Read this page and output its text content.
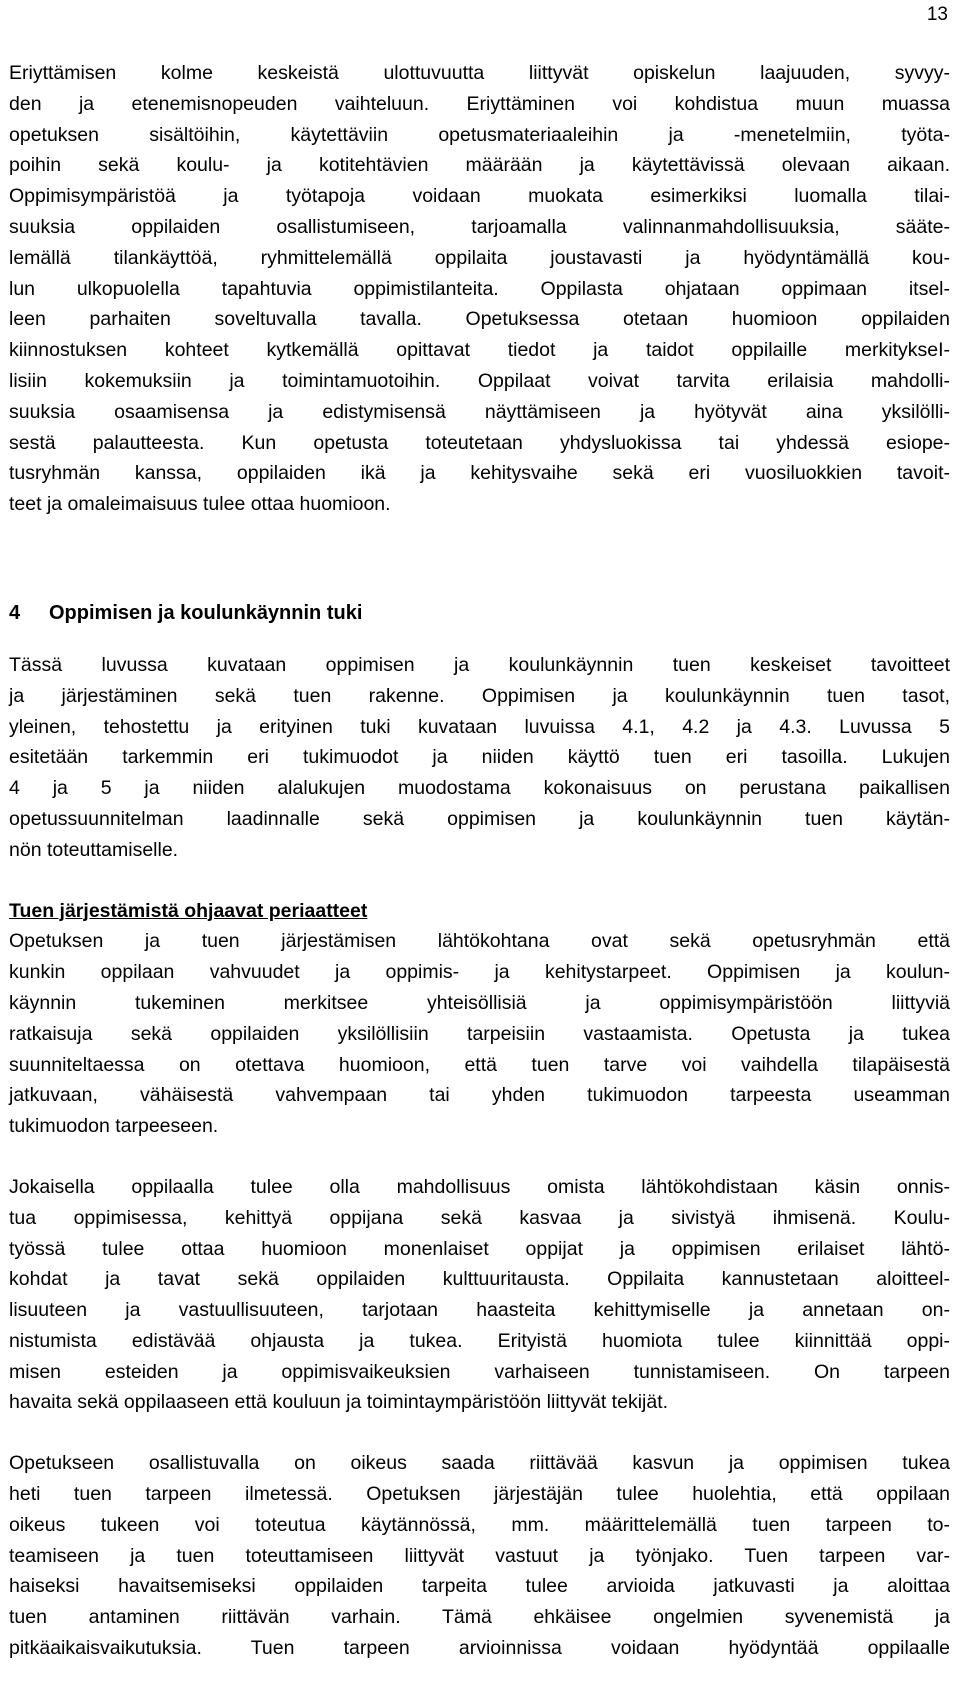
13
Eriyttämisen kolme keskeistä ulottuvuutta liittyvät opiskelun laajuuden, syvyy-
den ja etenemisnopeuden vaihteluun. Eriyttäminen voi kohdistua muun muassa
opetuksen sisältöihin, käytettäviin opetusmateriaaleihin ja -menetelmiin, työta-
poihin sekä koulu- ja kotitehtävien määrään ja käytettävissä olevaan aikaan.
Oppimisympäristöä ja työtapoja voidaan muokata esimerkiksi luomalla tilai-
suuksia oppilaiden osallistumiseen, tarjoamalla valinnanmahdollisuuksia, sääte-
lemällä tilankäyttöä, ryhmittelemällä oppilaita joustavasti ja hyödyntämällä kou-
lun ulkopuolella tapahtuvia oppimistilanteita. Oppilasta ohjataan oppimaan itsel-
leen parhaiten soveltuvalla tavalla. Opetuksessa otetaan huomioon oppilaiden
kiinnostuksen kohteet kytkemällä opittavat tiedot ja taidot oppilaille merkitykseI-
lisiin kokemuksiin ja toimintamuotoihin. Oppilaat voivat tarvita erilaisia mahdolli-
suuksia osaamisensa ja edistymisensä näyttämiseen ja hyötyvät aina yksilölli-
sestä palautteesta. Kun opetusta toteutetaan yhdysluokissa tai yhdessä esiope-
tusryhmän kanssa, oppilaiden ikä ja kehitysvaihe sekä eri vuosiluokkien tavoit-
teet ja omaleimaisuus tulee ottaa huomioon.
4 Oppimisen ja koulunkäynnin tuki
Tässä luvussa kuvataan oppimisen ja koulunkäynnin tuen keskeiset tavoitteet
ja järjestäminen sekä tuen rakenne. Oppimisen ja koulunkäynnin tuen tasot,
yleinen, tehostettu ja erityinen tuki kuvataan luvuissa 4.1, 4.2 ja 4.3. Luvussa 5
esitetään tarkemmin eri tukimuodot ja niiden käyttö tuen eri tasoilla. Lukujen
4 ja 5 ja niiden alalukujen muodostama kokonaisuus on perustana paikallisen
opetussuunnitelman laadinnalle sekä oppimisen ja koulunkäynnin tuen käytän-
nön toteuttamiselle.
Tuen järjestämistä ohjaavat periaatteet
Opetuksen ja tuen järjestämisen lähtökohtana ovat sekä opetusryhmän että
kunkin oppilaan vahvuudet ja oppimis- ja kehitystarpeet. Oppimisen ja koulun-
käynnin tukeminen merkitsee yhteisöllisiä ja oppimisympäristöön liittyviä
ratkaisuja sekä oppilaiden yksilöllisiin tarpeisiin vastaamista. Opetusta ja tukea
suunniteltaessa on otettava huomioon, että tuen tarve voi vaihdella tilapäisestä
jatkuvaan, vähäisestä vahvempaan tai yhden tukimuodon tarpeesta useamman
tukimuodon tarpeeseen.
Jokaisella oppilaalla tulee olla mahdollisuus omista lähtökohdistaan käsin onnis-
tua oppimisessa, kehittyä oppijana sekä kasvaa ja sivistyä ihmisenä. Koulu-
työssä tulee ottaa huomioon monenlaiset oppijat ja oppimisen erilaiset lähtö-
kohdat ja tavat sekä oppilaiden kulttuuritausta. Oppilaita kannustetaan aloitteel-
lisuuteen ja vastuullisuuteen, tarjotaan haasteita kehittymiselle ja annetaan on-
nistumista edistävää ohjausta ja tukea. Erityistä huomiota tulee kiinnittää oppi-
misen esteiden ja oppimisvaikeuksien varhaiseen tunnistamiseen. On tarpeen
havaita sekä oppilaaseen että kouluun ja toimintaympäristöön liittyvät tekijät.
Opetukseen osallistuvalla on oikeus saada riittävää kasvun ja oppimisen tukea
heti tuen tarpeen ilmetessä. Opetuksen järjestäjän tulee huolehtia, että oppilaan
oikeus tukeen voi toteutua käytännössä, mm. määrittelemällä tuen tarpeen to-
teamiseen ja tuen toteuttamiseen liittyvät vastuut ja työnjako. Tuen tarpeen var-
haiseksi havaitsemiseksi oppilaiden tarpeita tulee arvioida jatkuvasti ja aloittaa
tuen antaminen riittävän varhain. Tämä ehkäisee ongelmien syvenemistä ja
pitkäaikaisvaikutuksia. Tuen tarpeen arvioinnissa voidaan hyödyntää oppilaalle
